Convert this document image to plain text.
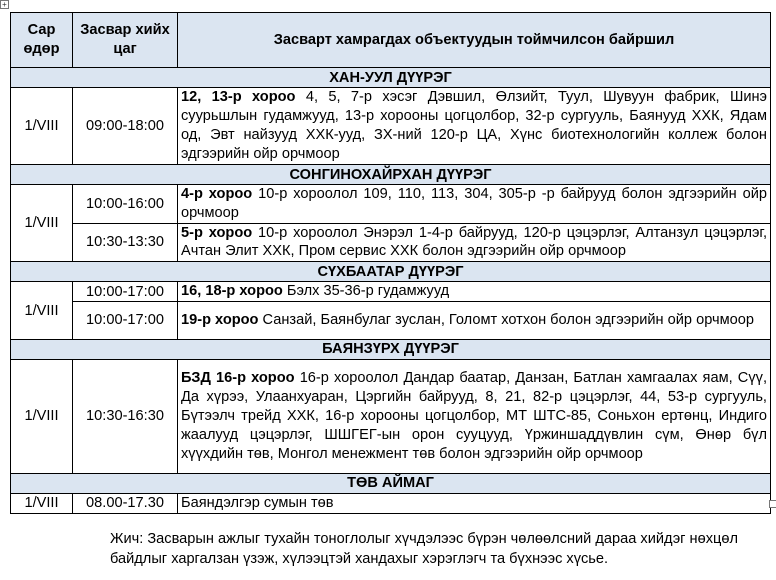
+
Сар өдөр	Засвар хийх цаг	Засварт хамрагдах объектуудын тоймчилсон байршил
ХАН-УУЛ ДҮҮРЭГ		
1/VIII	09:00-18:00	12, 13-р хороо 4, 5, 7-р хэсэг Дэвшил, Өлзийт, Туул, Шувуун фабрик, Шинэ суурьшлын гудамжууд, 13-р хорооны цогцолбор, 32-р сургууль, Баянууд ХХК, Ядам од, Эвт найзууд ХХК-ууд, ЗХ-ний 120-р ЦА, Хүнс биотехнологийн коллеж болон эдгээрийн ойр орчмоор
СОНГИНОХАЙРХАН ДҮҮРЭГ		
1/VIII	10:00-16:00	4-р хороо 10-р хороолол 109, 110, 113, 304, 305-р -р байрууд болон эдгээрийн ойр орчмоор
	10:30-13:30	5-р хороо 10-р хороолол Энэрэл 1-4-р байрууд, 120-р цэцэрлэг, Алтанзул цэцэрлэг, Ачтан Элит ХХК, Пром сервис ХХК болон эдгээрийн ойр орчмоор
СҮХБААТАР ДҮҮРЭГ		
1/VIII	10:00-17:00	16, 18-р хороо Бэлх 35-36-р гудамжууд
	10:00-17:00	19-р хороо Санзай, Баянбулаг зуслан, Голомт хотхон болон эдгээрийн ойр орчмоор
БАЯНЗҮРХ ДҮҮРЭГ		
1/VIII	10:30-16:30	БЗД 16-р хороо 16-р хороолол Дандар баатар, Данзан, Батлан хамгаалах яам, Сүү, Да хүрээ, Улаанхуаран, Цэргийн байрууд, 8, 21, 82-р цэцэрлэг, 44, 53-р сургууль, Бүтээлч трейд ХХК, 16-р хорооны цогцолбор, МТ ШТС-85, Соньхон ертөнц, Индиго жаалууд цэцэрлэг, ШШГЕГ-ын орон сууцууд, Үржиншаддүвлин сүм, Өнөр бүл хүүхдийн төв, Монгол менежмент төв болон эдгээрийн ойр орчмоор
ТӨВ АЙМАГ		
1/VIII	08.00-17.30	Баяндэлгэр сумын төв
Жич: Засварын ажлыг тухайн тоноглолыг хүчдэлээс бүрэн чөлөөлсний дараа хийдэг нөхцөл байдлыг харгалзан үзэж, хүлээцтэй хандахыг хэрэглэгч та бүхнээс хүсье.
